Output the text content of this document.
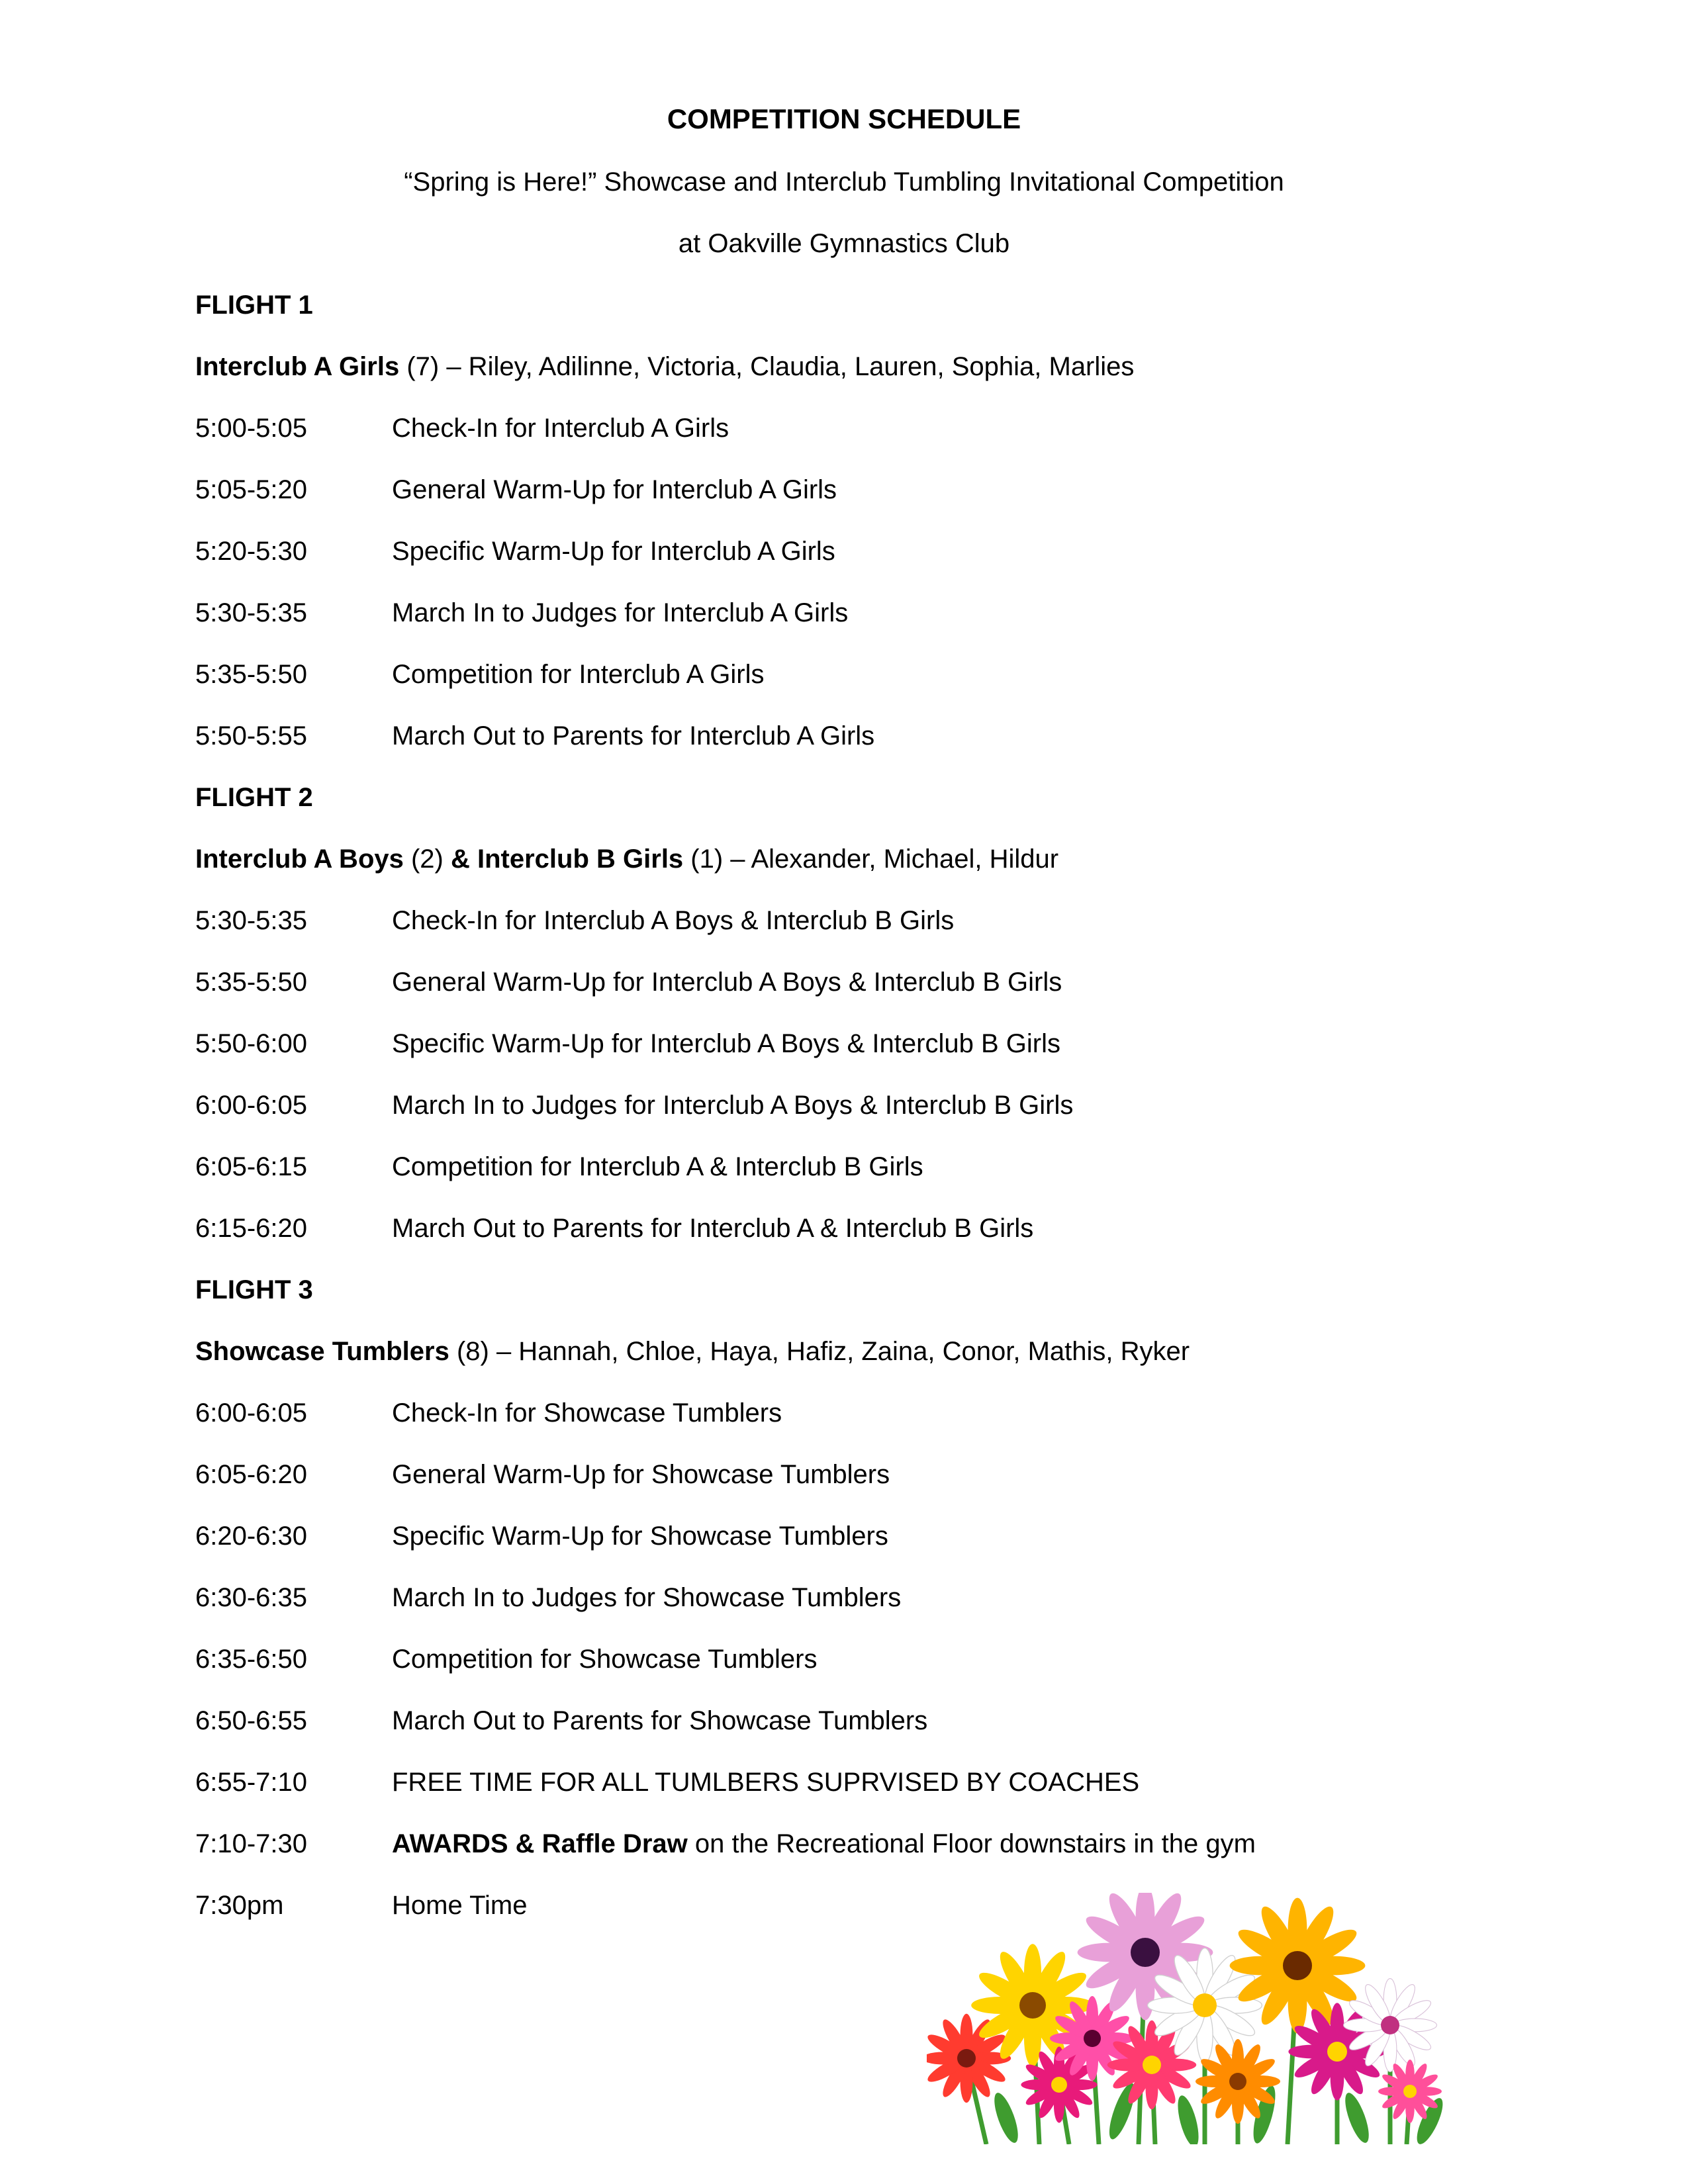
COMPETITION SCHEDULE
“Spring is Here!” Showcase and Interclub Tumbling Invitational Competition
at Oakville Gymnastics Club
FLIGHT 1
Interclub A Girls (7) – Riley, Adilinne, Victoria, Claudia, Lauren, Sophia, Marlies
5:00-5:05	Check-In for Interclub A Girls
5:05-5:20	General Warm-Up for Interclub A Girls
5:20-5:30	Specific Warm-Up for Interclub A Girls
5:30-5:35	March In to Judges for Interclub A Girls
5:35-5:50	Competition for Interclub A Girls
5:50-5:55	March Out to Parents for Interclub A Girls
FLIGHT 2
Interclub A Boys (2) & Interclub B Girls (1) – Alexander, Michael, Hildur
5:30-5:35	Check-In for Interclub A Boys & Interclub B Girls
5:35-5:50	General Warm-Up for Interclub A Boys & Interclub B Girls
5:50-6:00	Specific Warm-Up for Interclub A Boys & Interclub B Girls
6:00-6:05	March In to Judges for Interclub A Boys & Interclub B Girls
6:05-6:15	Competition for Interclub A & Interclub B Girls
6:15-6:20	March Out to Parents for Interclub A & Interclub B Girls
FLIGHT 3
Showcase Tumblers (8) – Hannah, Chloe, Haya, Hafiz, Zaina, Conor, Mathis, Ryker
6:00-6:05	Check-In for Showcase Tumblers
6:05-6:20	General Warm-Up for Showcase Tumblers
6:20-6:30	Specific Warm-Up for Showcase Tumblers
6:30-6:35	March In to Judges for Showcase Tumblers
6:35-6:50	Competition for Showcase Tumblers
6:50-6:55	March Out to Parents for Showcase Tumblers
6:55-7:10	FREE TIME FOR ALL TUMLBERS SUPRVISED BY COACHES
7:10-7:30	AWARDS & Raffle Draw on the Recreational Floor downstairs in the gym
7:30pm	Home Time
